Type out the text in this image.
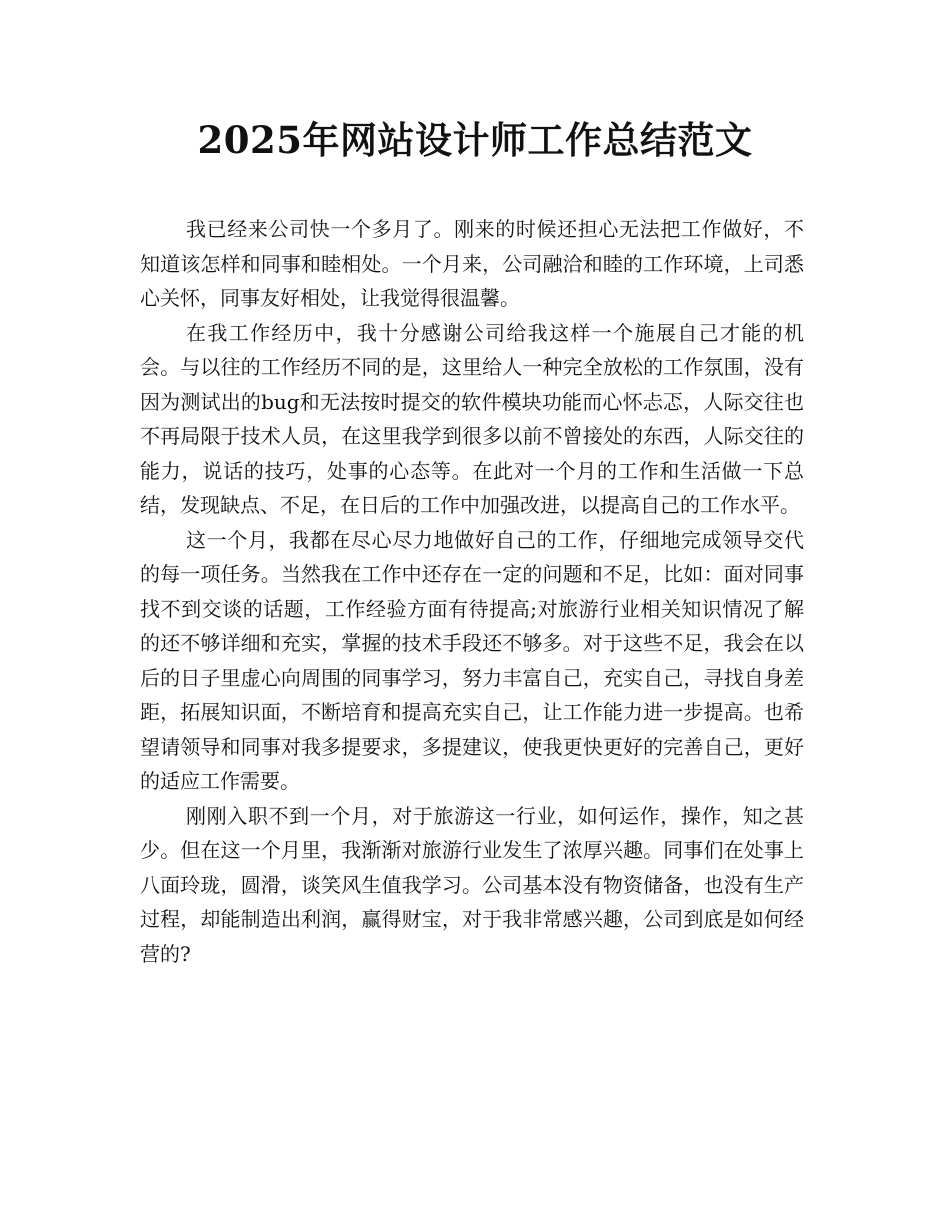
2025年网站设计师工作总结范文

我已经来公司快一个多月了。刚来的时候还担心无法把工作做好，不知道该怎样和同事和睦相处。一个月来，公司融洽和睦的工作环境，上司悉心关怀，同事友好相处，让我觉得很温馨。

在我工作经历中，我十分感谢公司给我这样一个施展自己才能的机会。与以往的工作经历不同的是，这里给人一种完全放松的工作氛围，没有因为测试出的bug和无法按时提交的软件模块功能而心怀忐忑，人际交往也不再局限于技术人员，在这里我学到很多以前不曾接处的东西，人际交往的能力，说话的技巧，处事的心态等。在此对一个月的工作和生活做一下总结，发现缺点、不足，在日后的工作中加强改进，以提高自己的工作水平。

这一个月，我都在尽心尽力地做好自己的工作，仔细地完成领导交代的每一项任务。当然我在工作中还存在一定的问题和不足，比如：面对同事找不到交谈的话题，工作经验方面有待提高;对旅游行业相关知识情况了解的还不够详细和充实，掌握的技术手段还不够多。对于这些不足，我会在以后的日子里虚心向周围的同事学习，努力丰富自己，充实自己，寻找自身差距，拓展知识面，不断培育和提高充实自己，让工作能力进一步提高。也希望请领导和同事对我多提要求，多提建议，使我更快更好的完善自己，更好的适应工作需要。

刚刚入职不到一个月，对于旅游这一行业，如何运作，操作，知之甚少。但在这一个月里，我渐渐对旅游行业发生了浓厚兴趣。同事们在处事上八面玲珑，圆滑，谈笑风生值我学习。公司基本没有物资储备，也没有生产过程，却能制造出利润，赢得财宝，对于我非常感兴趣，公司到底是如何经营的?
